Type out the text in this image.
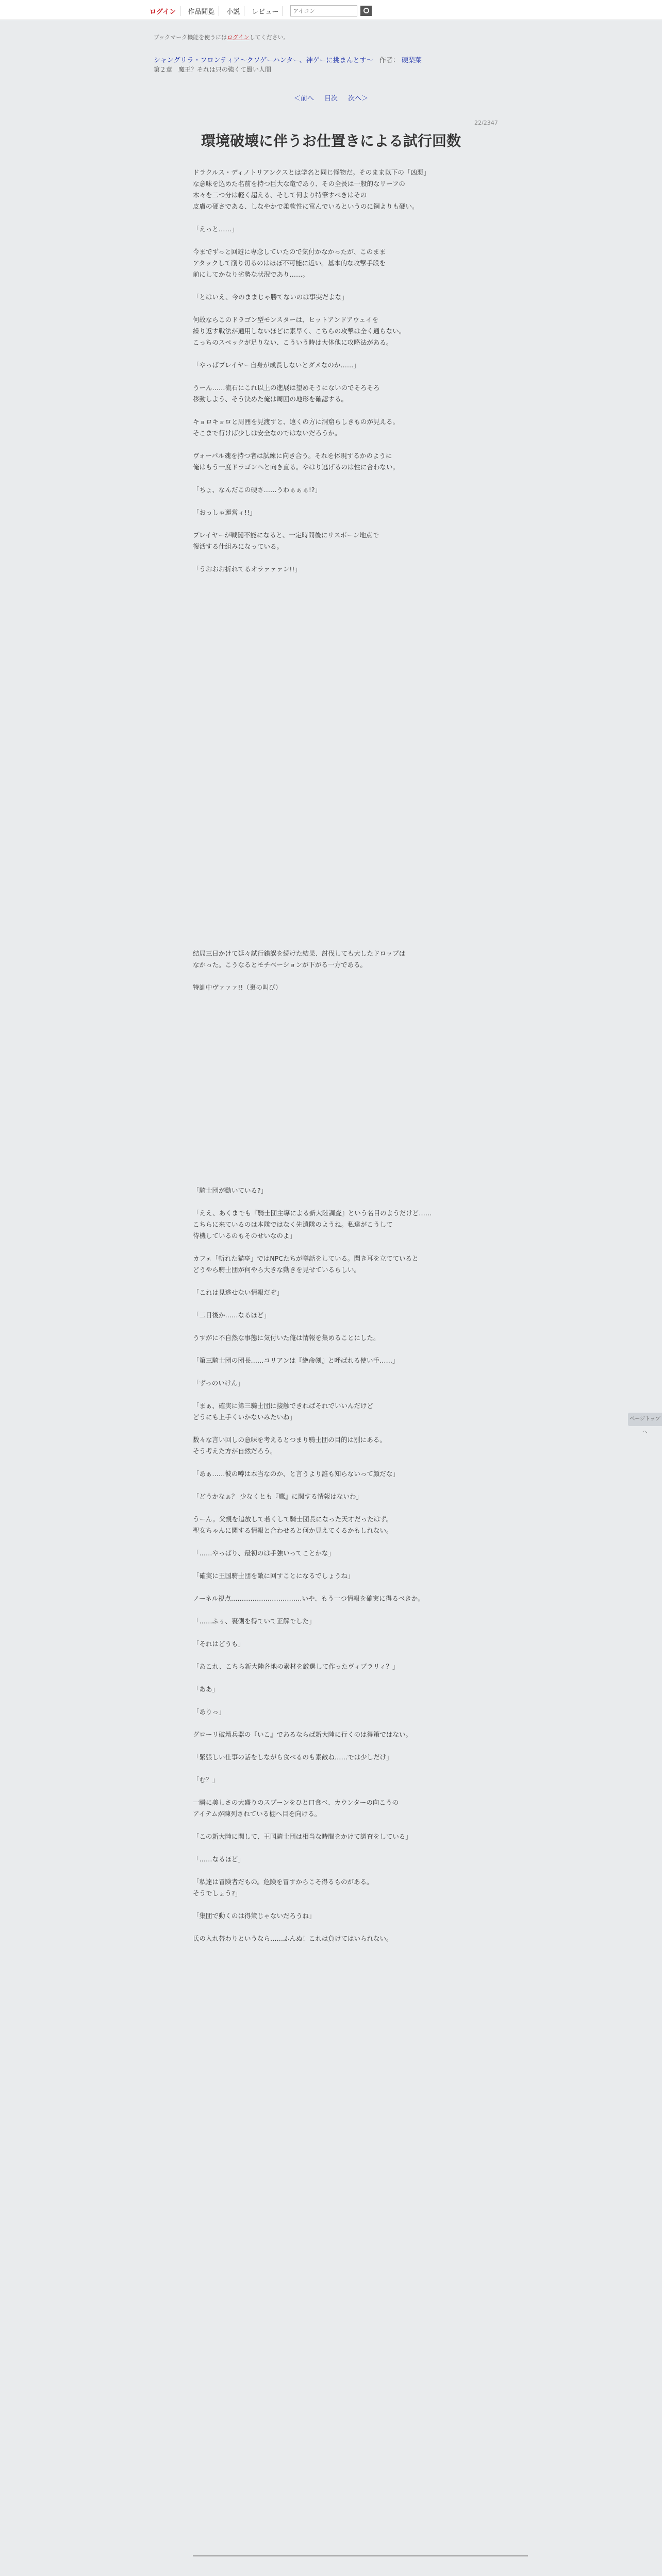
ログイン	作品閲覧	小説	レビュー
アイコン
ブックマーク機能を使うにはログインしてください。
シャングリラ・フロンティア〜クソゲーハンター、神ゲーに挑まんとす〜 作者： 硬梨菜
第２章　魔王？それは只の強くて賢い人間
＜前へ 目次 次へ＞
22/2347
環境破壊に伴うお仕置きによる試行回数

ドラクルス・ディノトリアンクスとは学名と同じ怪物だ。そのまま以下の「凶悪」

な意味を込めた名前を持つ巨大な竜であり、その全長は一般的なリーフの

木々を二つ分は軽く超える、そして何より特筆すべきはその

皮膚の硬さである、しなやかで柔軟性に富んでいるというのに鋼よりも硬い。

「えっと……」

今までずっと回避に専念していたので気付かなかったが、このまま

アタックして削り切るのはほぼ不可能に近い。基本的な攻撃手段を

前にしてかなり劣勢な状況であり……。

「とはいえ、今のままじゃ勝てないのは事実だよな」

何故ならこのドラゴン型モンスターは、ヒットアンドアウェイを

繰り返す戦法が通用しないほどに素早く、こちらの攻撃は全く通らない。

こっちのスペックが足りない、こういう時は大体他に攻略法がある。

「やっぱプレイヤー自身が成長しないとダメなのか……」

うーん……流石にこれ以上の進展は望めそうにないのでそろそろ

移動しよう、そう決めた俺は周囲の地形を確認する。

キョロキョロと周囲を見渡すと、遠くの方に洞窟らしきものが見える。

そこまで行けば少しは安全なのではないだろうか。

ヴォーパル魂を持つ者は試練に向き合う。それを体現するかのように

俺はもう一度ドラゴンへと向き直る。やはり逃げるのは性に合わない。

「ちょ、なんだこの硬さ……うわぁぁぁ!?」

「おっしゃ運営ィ!!」

プレイヤーが戦闘不能になると、一定時間後にリスポーン地点で

復活する仕組みになっている。

「うおおお折れてるオラァァァン!!」

結局三日かけて延々試行錯誤を続けた結果、討伐しても大したドロップは

なかった。こうなるとモチベーションが下がる一方である。

特訓中ヴァァァ!!（裏の叫び）

「騎士団が動いている?」

「ええ、あくまでも『騎士団主導による新大陸調査』という名目のようだけど……

こちらに来ているのは本隊ではなく先遣隊のようね。私達がこうして

待機しているのもそのせいなのよ」

カフェ「斬れた猫亭」ではNPCたちが噂話をしている。聞き耳を立てていると

どうやら騎士団が何やら大きな動きを見せているらしい。

「これは見逃せない情報だぞ」

「二日後か……なるほど」

うすがに不自然な事態に気付いた俺は情報を集めることにした。

「第三騎士団の団長……コリアンは『絶命剣』と呼ばれる使い手……」

「ずっのいけん」

「まぁ、確実に第三騎士団に接触できればそれでいいんだけど

どうにも上手くいかないみたいね」

数々な言い回しの意味を考えるとつまり騎士団の目的は別にある。

そう考えた方が自然だろう。

「あぁ……彼の噂は本当なのか、と言うより誰も知らないって顔だな」

「どうかなぁ？ 少なくとも『鷹』に関する情報はないわ」

うーん。父親を追放して若くして騎士団長になった天才だったはず。

聖女ちゃんに関する情報と合わせると何か見えてくるかもしれない。

「……やっぱり、最初のは手強いってことかな」

「確実に王国騎士団を敵に回すことになるでしょうね」

ノーネル視点……………………………いや、もう一つ情報を確実に得るべきか。

「……ふぅ、裏側を得ていて正解でした」

「それはどうも」

「あこれ、こちら新大陸各地の素材を厳選して作ったヴィブラリィ？」

「ああ」

「ありっ」

グローリ破壊兵器の『いこ』であるならば新大陸に行くのは得策ではない。

「緊張しい仕事の話をしながら食べるのも素敵ね……では少しだけ」

「む？」

一瞬に美しさの大盛りのスプーンをひと口食べ、カウンターの向こうの

アイテムが陳列されている棚へ目を向ける。

「この新大陸に関して、王国騎士団は相当な時間をかけて調査をしている」

「……なるほど」

「私達は冒険者だもの。危険を冒すからこそ得るものがある。

そうでしょう?」

「集団で動くのは得策じゃないだろうね」

氏の入れ替わりというなら……ふんぬ！これは負けてはいられない。

ページトップへ
